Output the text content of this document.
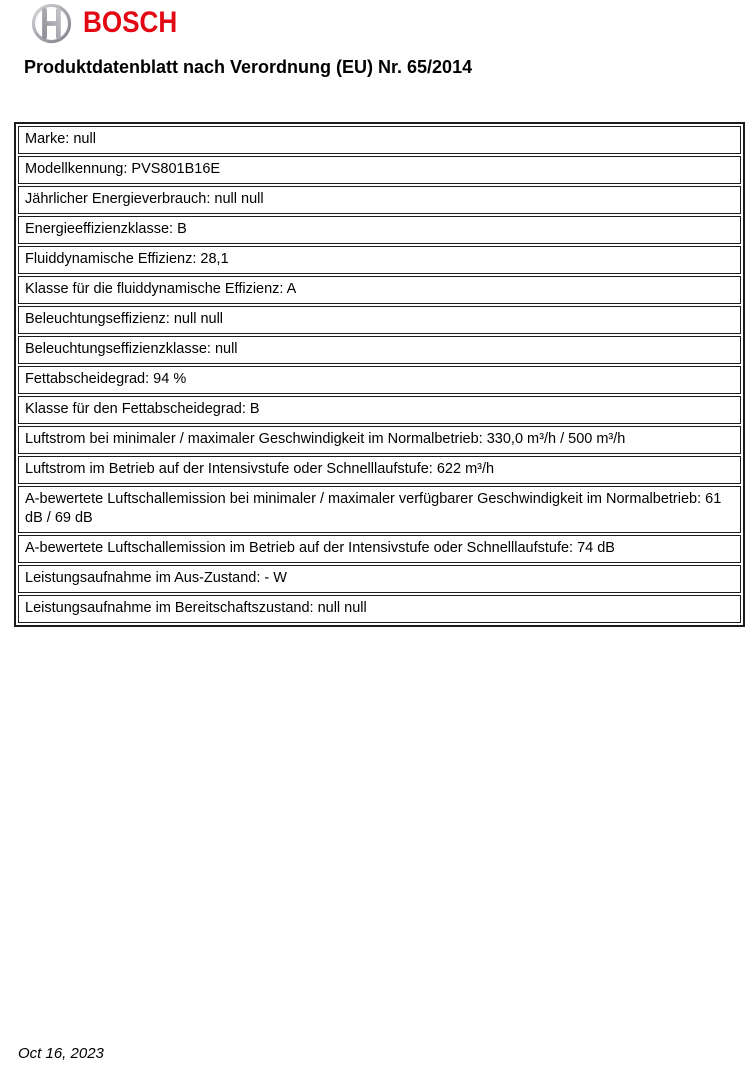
BOSCH
Produktdatenblatt nach Verordnung (EU) Nr. 65/2014
Marke: null
Modellkennung: PVS801B16E
Jährlicher Energieverbrauch: null null
Energieeffizienzklasse: B
Fluiddynamische Effizienz: 28,1
Klasse für die fluiddynamische Effizienz: A
Beleuchtungseffizienz: null null
Beleuchtungseffizienzklasse: null
Fettabscheidegrad: 94 %
Klasse für den Fettabscheidegrad: B
Luftstrom bei minimaler / maximaler Geschwindigkeit im Normalbetrieb: 330,0 m³/h / 500 m³/h
Luftstrom im Betrieb auf der Intensivstufe oder Schnelllaufstufe: 622 m³/h
A-bewertete Luftschallemission bei minimaler / maximaler verfügbarer Geschwindigkeit im Normalbetrieb: 61 dB / 69 dB
A-bewertete Luftschallemission im Betrieb auf der Intensivstufe oder Schnelllaufstufe: 74 dB
Leistungsaufnahme im Aus-Zustand: - W
Leistungsaufnahme im Bereitschaftszustand: null null
Oct 16, 2023
